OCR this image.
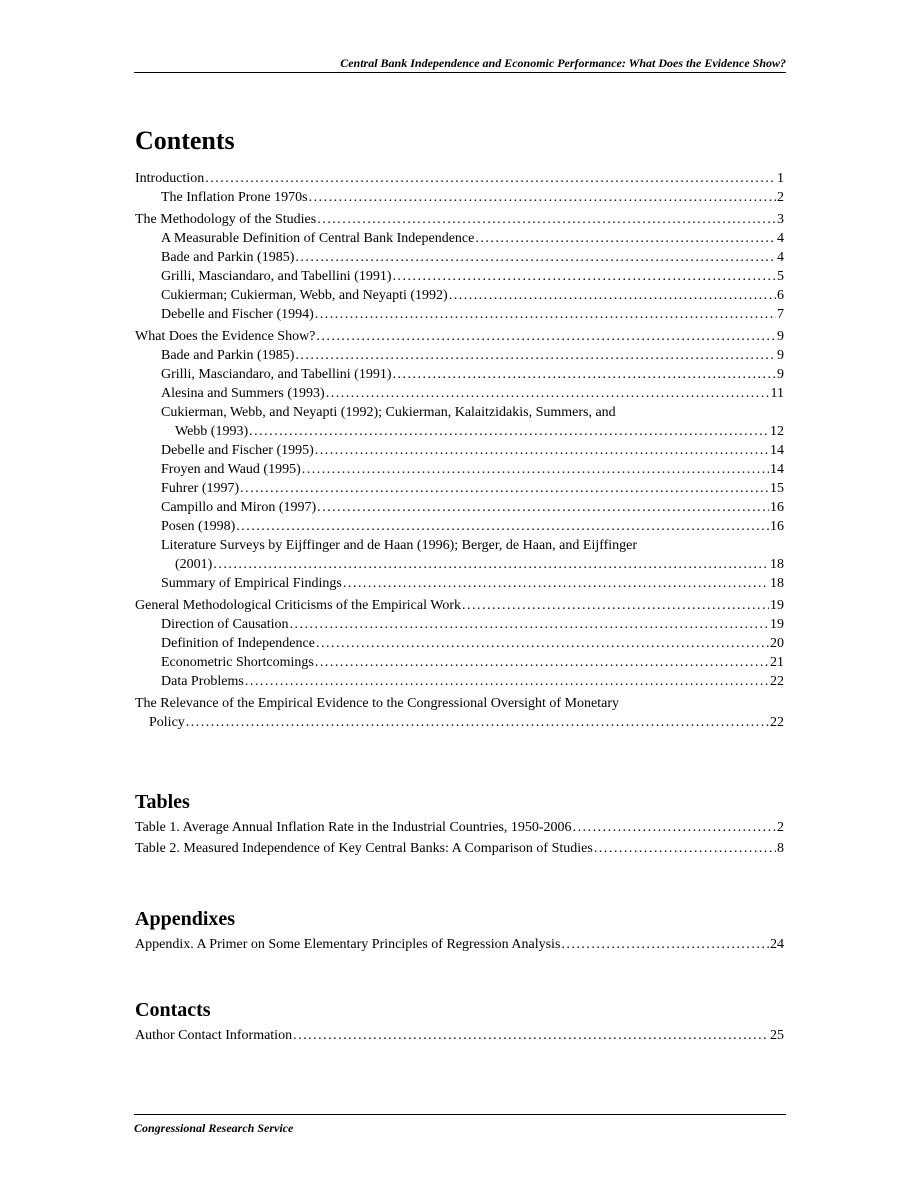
Central Bank Independence and Economic Performance: What Does the Evidence Show?
Contents
Introduction . . .	1
The Inflation Prone 1970s . . .	2
The Methodology of the Studies . . .	3
A Measurable Definition of Central Bank Independence . . .	4
Bade and Parkin (1985) . . .	4
Grilli, Masciandaro, and Tabellini (1991) . . .	5
Cukierman; Cukierman, Webb, and Neyapti (1992) . . .	6
Debelle and Fischer (1994) . . .	7
What Does the Evidence Show? . . .	9
Bade and Parkin (1985) . . .	9
Grilli, Masciandaro, and Tabellini (1991) . . .	9
Alesina and Summers (1993) . . .	11
Cukierman, Webb, and Neyapti (1992); Cukierman, Kalaitzidakis, Summers, and
Webb (1993) . . .	12
Debelle and Fischer (1995) . . .	14
Froyen and Waud (1995) . . .	14
Fuhrer (1997) . . .	15
Campillo and Miron (1997) . . .	16
Posen (1998) . . .	16
Literature Surveys by Eijffinger and de Haan (1996); Berger, de Haan, and Eijffinger
(2001) . . .	18
Summary of Empirical Findings . . .	18
General Methodological Criticisms of the Empirical Work . . .	19
Direction of Causation . . .	19
Definition of Independence . . .	20
Econometric Shortcomings . . .	21
Data Problems . . .	22
The Relevance of the Empirical Evidence to the Congressional Oversight of Monetary
Policy . . .	22
Tables
Table 1. Average Annual Inflation Rate in the Industrial Countries, 1950-2006 . . .	2
Table 2. Measured Independence of Key Central Banks: A Comparison of Studies . . .	8
Appendixes
Appendix. A Primer on Some Elementary Principles of Regression Analysis . . .	24
Contacts
Author Contact Information . . .	25
Congressional Research Service
